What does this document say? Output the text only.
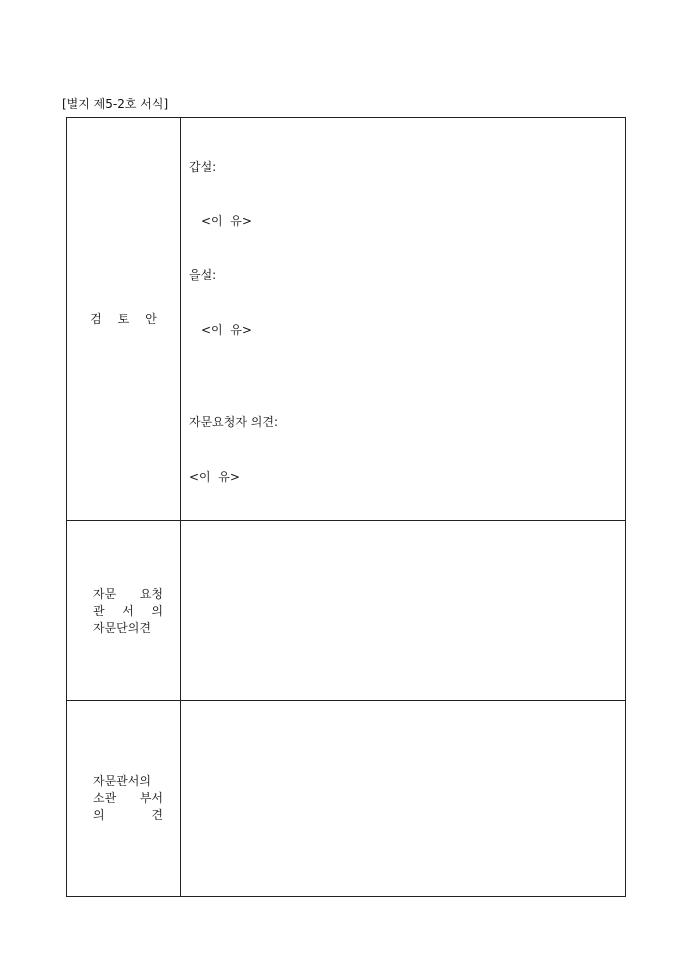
[별지 제5-2호 서식]
검 토 안
갑설:
<이  유>
을설:
<이  유>
자문요청자 의견:
<이  유>
자문 요청
관 서 의
자문단의견
자문관서의
소관 부서
의	견
